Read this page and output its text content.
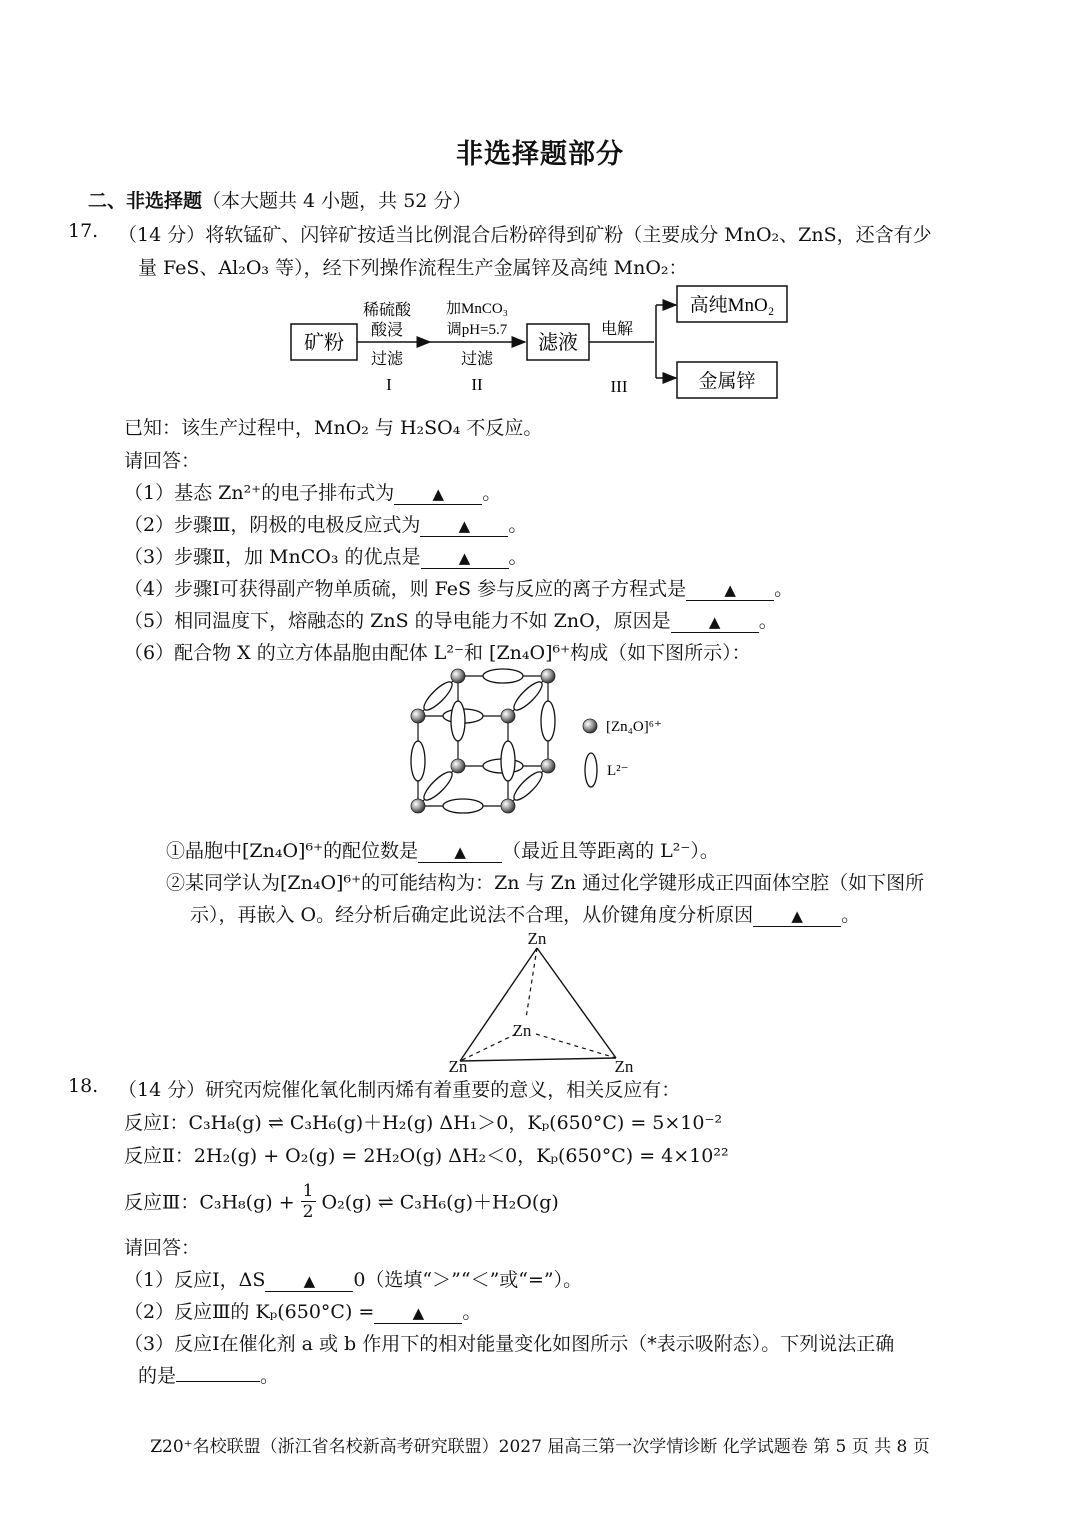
非选择题部分
二、非选择题（本大题共 4 小题，共 52 分）
17. （14 分）将软锰矿、闪锌矿按适当比例混合后粉碎得到矿粉（主要成分 MnO₂、ZnS，还含有少
量 FeS、Al₂O₃ 等），经下列操作流程生产金属锌及高纯 MnO₂：
矿粉
稀硫酸
酸浸
过滤
I
加MnCO₃
调pH=5.7
过滤
II
滤液
电解
III
高纯MnO₂
金属锌
已知：该生产过程中，MnO₂ 与 H₂SO₄ 不反应。
请回答：
（1）基态 Zn²⁺的电子排布式为	▲ 。
（2）步骤Ⅲ，阴极的电极反应式为	▲ 。
（3）步骤Ⅱ，加 MnCO₃ 的优点是	▲ 。
（4）步骤Ⅰ可获得副产物单质硫，则 FeS 参与反应的离子方程式是	▲ 。
（5）相同温度下，熔融态的 ZnS 的导电能力不如 ZnO，原因是	▲ 。
（6）配合物 X 的立方体晶胞由配体 L²⁻和 [Zn₄O]⁶⁺构成（如下图所示）：
[Zn₄O]⁶⁺
L²⁻
①晶胞中[Zn₄O]⁶⁺的配位数是 ▲ （最近且等距离的 L²⁻）。
②某同学认为[Zn₄O]⁶⁺的可能结构为：Zn 与 Zn 通过化学键形成正四面体空腔（如下图所
示），再嵌入 O。经分析后确定此说法不合理，从价键角度分析原因	▲ 。
Zn
Zn
Zn	Zn
18. （14 分）研究丙烷催化氧化制丙烯有着重要的意义，相关反应有：
反应Ⅰ：C₃H₈(g) ⇌ C₃H₆(g)＋H₂(g) ΔH₁＞0，Kₚ(650°C) = 5×10⁻²
反应Ⅱ：2H₂(g) + O₂(g) = 2H₂O(g) ΔH₂＜0，Kₚ(650°C) = 4×10²²
反应Ⅲ：$C_3H_8(g) + \frac{1}{2} O_2(g)$ ⇌ C₃H₆(g)＋H₂O(g)
请回答：
（1）反应Ⅰ，ΔS	▲ 0（选填“＞”“＜”或“=”）。
（2）反应Ⅲ的 Kₚ(650°C) =	▲ 。
（3）反应Ⅰ在催化剂 a 或 b 作用下的相对能量变化如图所示（*表示吸附态）。下列说法正确
的是	。
Z20⁺名校联盟（浙江省名校新高考研究联盟）2027 届高三第一次学情诊断 化学试题卷 第 5 页 共 8 页
